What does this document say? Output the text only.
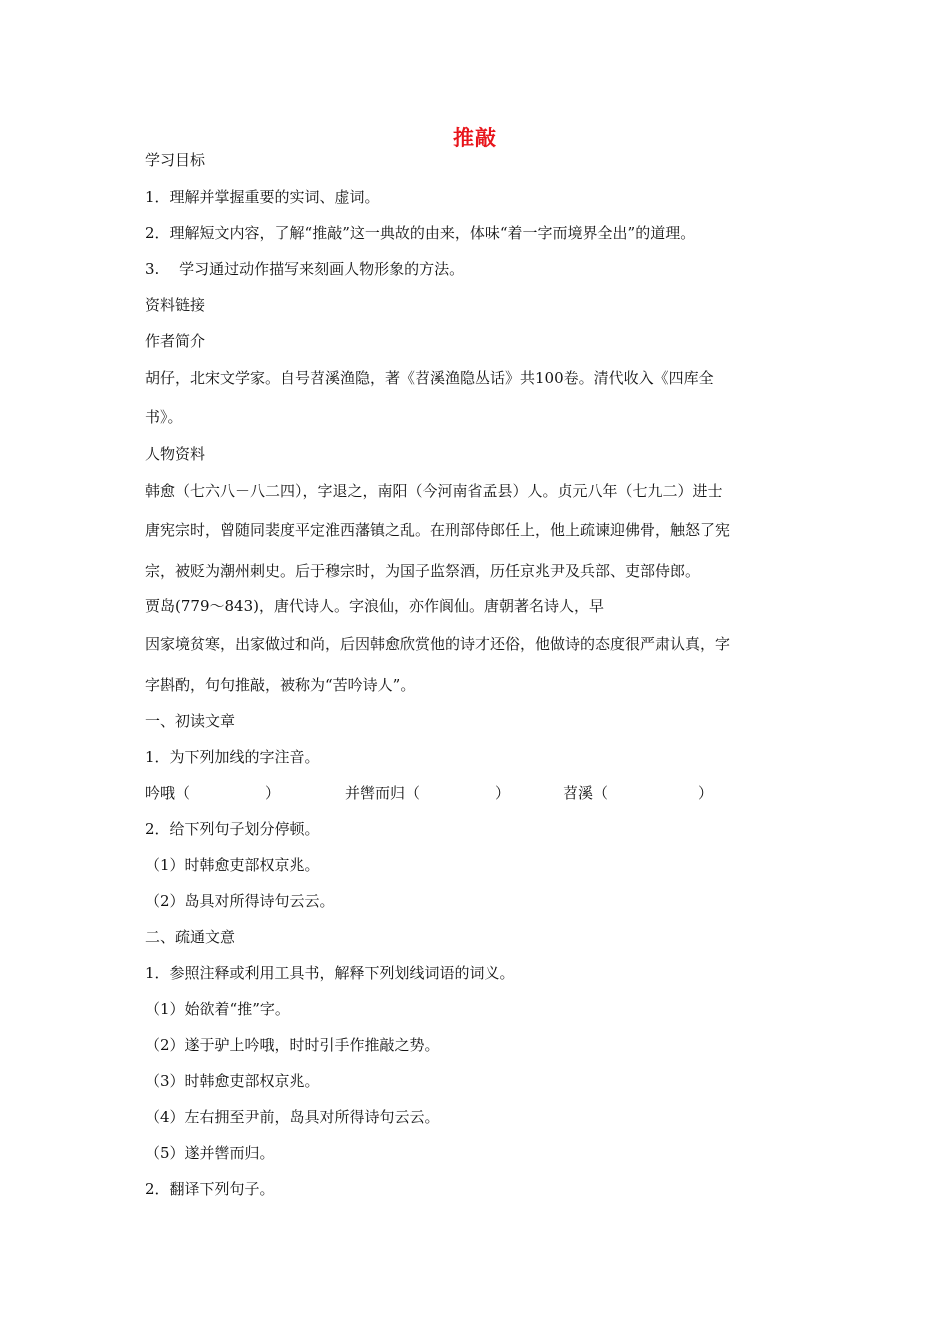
推敲
学习目标
1．理解并掌握重要的实词、虚词。
2．理解短文内容，了解“推敲”这一典故的由来，体味“着一字而境界全出”的道理。
3.　 学习通过动作描写来刻画人物形象的方法。
资料链接
作者简介
胡仔，北宋文学家。自号苕溪渔隐，著《苕溪渔隐丛话》共100卷。清代收入《四库全
书》。
人物资料
韩愈（七六八－八二四），字退之，南阳（今河南省孟县）人。贞元八年（七九二）进士
唐宪宗时，曾随同裴度平定淮西藩镇之乱。在刑部侍郎任上，他上疏谏迎佛骨，触怒了宪
宗，被贬为潮州刺史。后于穆宗时，为国子监祭酒，历任京兆尹及兵部、吏部侍郎。
贾岛(779～843)，唐代诗人。字浪仙，亦作阆仙。唐朝著名诗人，早
因家境贫寒，出家做过和尚，后因韩愈欣赏他的诗才还俗，他做诗的态度很严肃认真，字
字斟酌，句句推敲，被称为“苦吟诗人”。
一、初读文章
1．为下列加线的字注音。
吟哦（　　　　　）	并辔而归（　　　　　）	苕溪（　　　　　　）
2．给下列句子划分停顿。
（1）时韩愈吏部权京兆。
（2）岛具对所得诗句云云。
二、疏通文意
1．参照注释或利用工具书，解释下列划线词语的词义。
（1）始欲着“推”字。
（2）遂于驴上吟哦，时时引手作推敲之势。
（3）时韩愈吏部权京兆。
（4）左右拥至尹前，岛具对所得诗句云云。
（5）遂并辔而归。
2．翻译下列句子。
